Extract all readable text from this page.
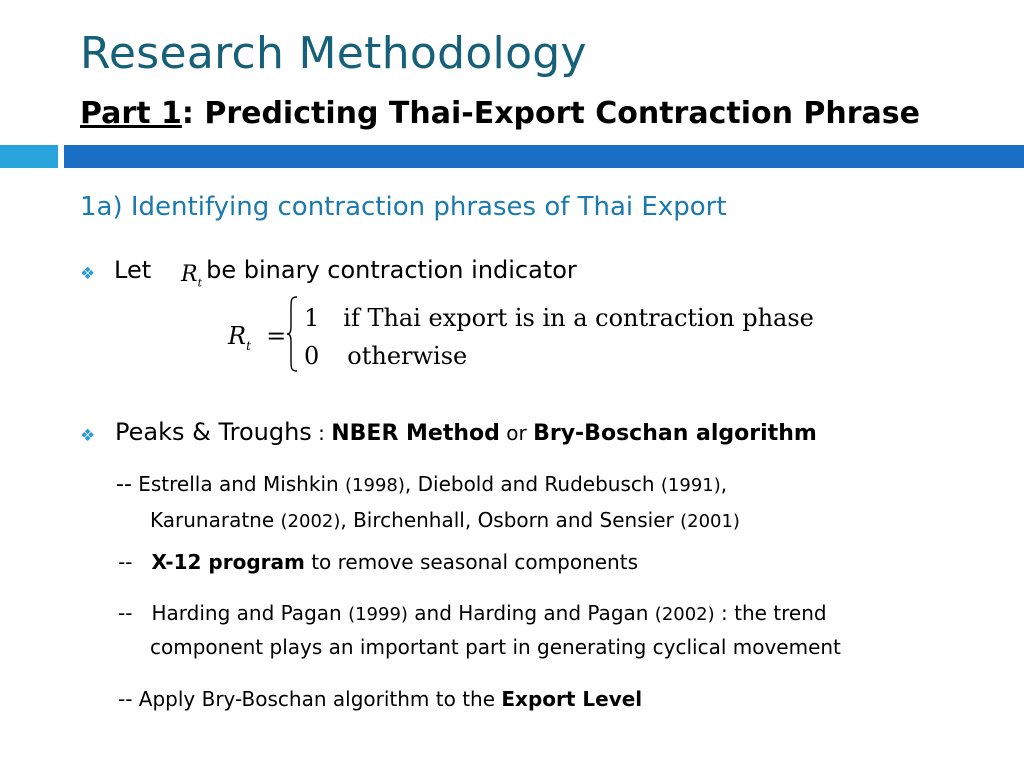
Research Methodology
Part 1: Predicting Thai-Export Contraction Phrase
1a) Identifying contraction phrases of Thai Export
❖ Let be binary contraction indicator
$R_t$
$R_t$ =
1 if Thai export is in a contraction phase
0 otherwise
❖ Peaks & Troughs : NBER Method or Bry-Boschan algorithm
-- Estrella and Mishkin (1998), Diebold and Rudebusch (1991),
Karunaratne (2002), Birchenhall, Osborn and Sensier (2001)
-- X-12 program to remove seasonal components
-- Harding and Pagan (1999) and Harding and Pagan (2002) : the trend
component plays an important part in generating cyclical movement
-- Apply Bry-Boschan algorithm to the Export Level
